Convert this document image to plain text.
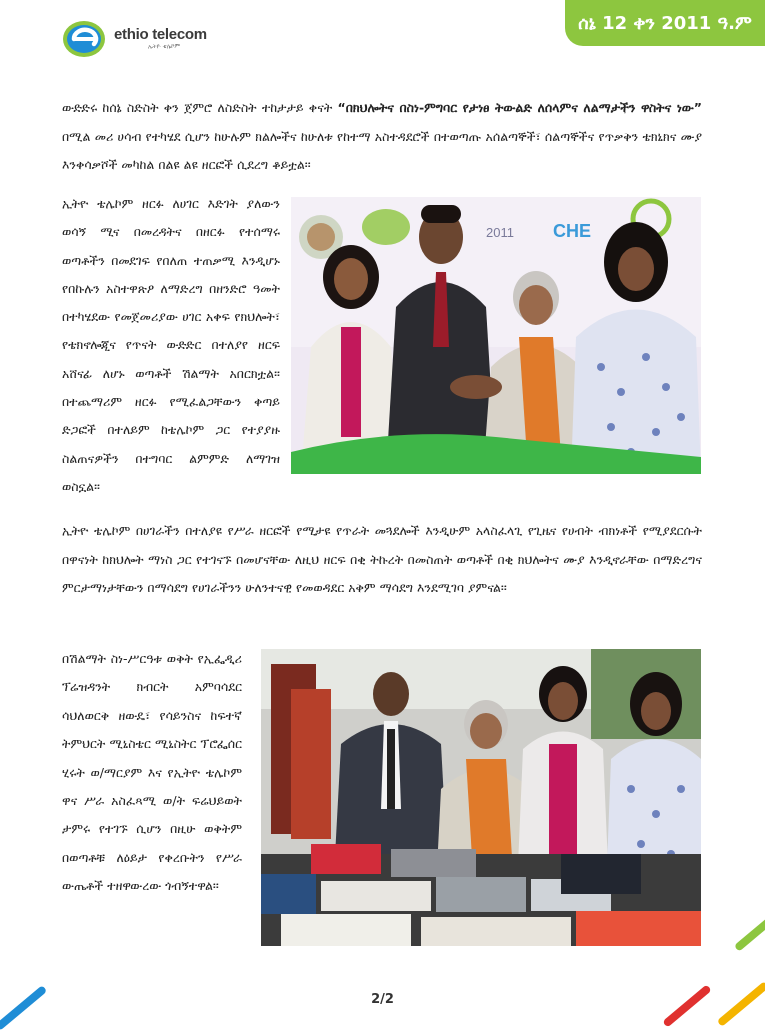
ethio telecom
ኢትዮ ቴሌኮም
ሰኔ 12 ቀን 2011 ዓ.ም

ውድድሩ ከሰኔ ስድስት ቀን ጀምሮ ለስድስት ተከታታይ ቀናት “በክህሎትና በስነ-ምግባር የታነፀ ትውልድ ለሰላምና ለልማታችን ዋስትና ነው” በሚል መሪ ሀሳብ የተካሄደ ሲሆን ከሁሉም ክልሎችና ከሁለቱ የከተማ አስተዳደሮች በተወጣጡ አሰልጣኞች፣ ሰልጣኞችና የጥቃቅን ቴክኒክና ሙያ እንቀሳቃሾች መካከል በልዩ ልዩ ዘርፎች ሲደረግ ቆይቷል፡፡

ኢትዮ ቴሌኮም ዘርፉ ለሀገር እድገት ያለውን ወሳኝ ሚና በመረዳትና በዘርፉ የተሰማሩ ወጣቶችን በመደገፍ የበለጠ ተጠቃሚ እንዲሆኑ የበኩሉን አስተዋጽዖ ለማድረግ በዘንድሮ ዓመት በተካሄደው የመጀመሪያው ሀገር አቀፍ የክህሎት፣ የቴክኖሎጂና የጥናት ውድድር በተለያየ ዘርፍ አሸናፊ ለሆኑ ወጣቶች ሽልማት አበርክቷል፡፡ በተጨማሪም ዘርፉ የሚፈልጋቸውን ቀጣይ ድጋፎች በተለይም ከቴሌኮም ጋር የተያያዙ ስልጠናዎችን በተግባር ልምምድ ለማገዝ ወስኗል፡፡

2011 CHE

ኢትዮ ቴሌኮም በሀገራችን በተለያዩ የሥራ ዘርፎች የሚታዩ የጥራት መጓደሎች እንዲሁም አላስፈላጊ የጊዜና የሀብት ብክነቶች የሚያደርሱት በዋናነት ከክህሎት ማነስ ጋር የተገናኙ በመሆናቸው ለዚህ ዘርፍ በቂ ትኩረት በመስጠት ወጣቶች በቂ ክህሎትና ሙያ እንዲኖራቸው በማድረግና ምርታማነታቸውን በማሳደግ የሀገራችንን ሁለንተናዊ የመወዳደር አቅም ማሳደግ እንደሚገባ ያምናል፡፡

በሽልማት ስነ-ሥርዓቱ ወቅት የኢፌዲሪ ፕሬዝዳንት ክብርት አምባሳደር ሳህለወርቅ ዘውዴ፣ የሳይንስና ከፍተኛ ትምህርት ሚኒስቴር ሚኒስትር ፕሮፌሰር ሂሩት ወ/ማርያም እና የኢትዮ ቴሌኮም ዋና ሥራ አስፈጻሚ ወ/ት ፍሬህይወት ታምሩ የተገኙ ሲሆን በዚሁ ወቅትም በወጣቶቹ ለዕይታ የቀረቡትን የሥራ ውጤቶች ተዘዋውረው ጎብኝተዋል፡፡

2/2
